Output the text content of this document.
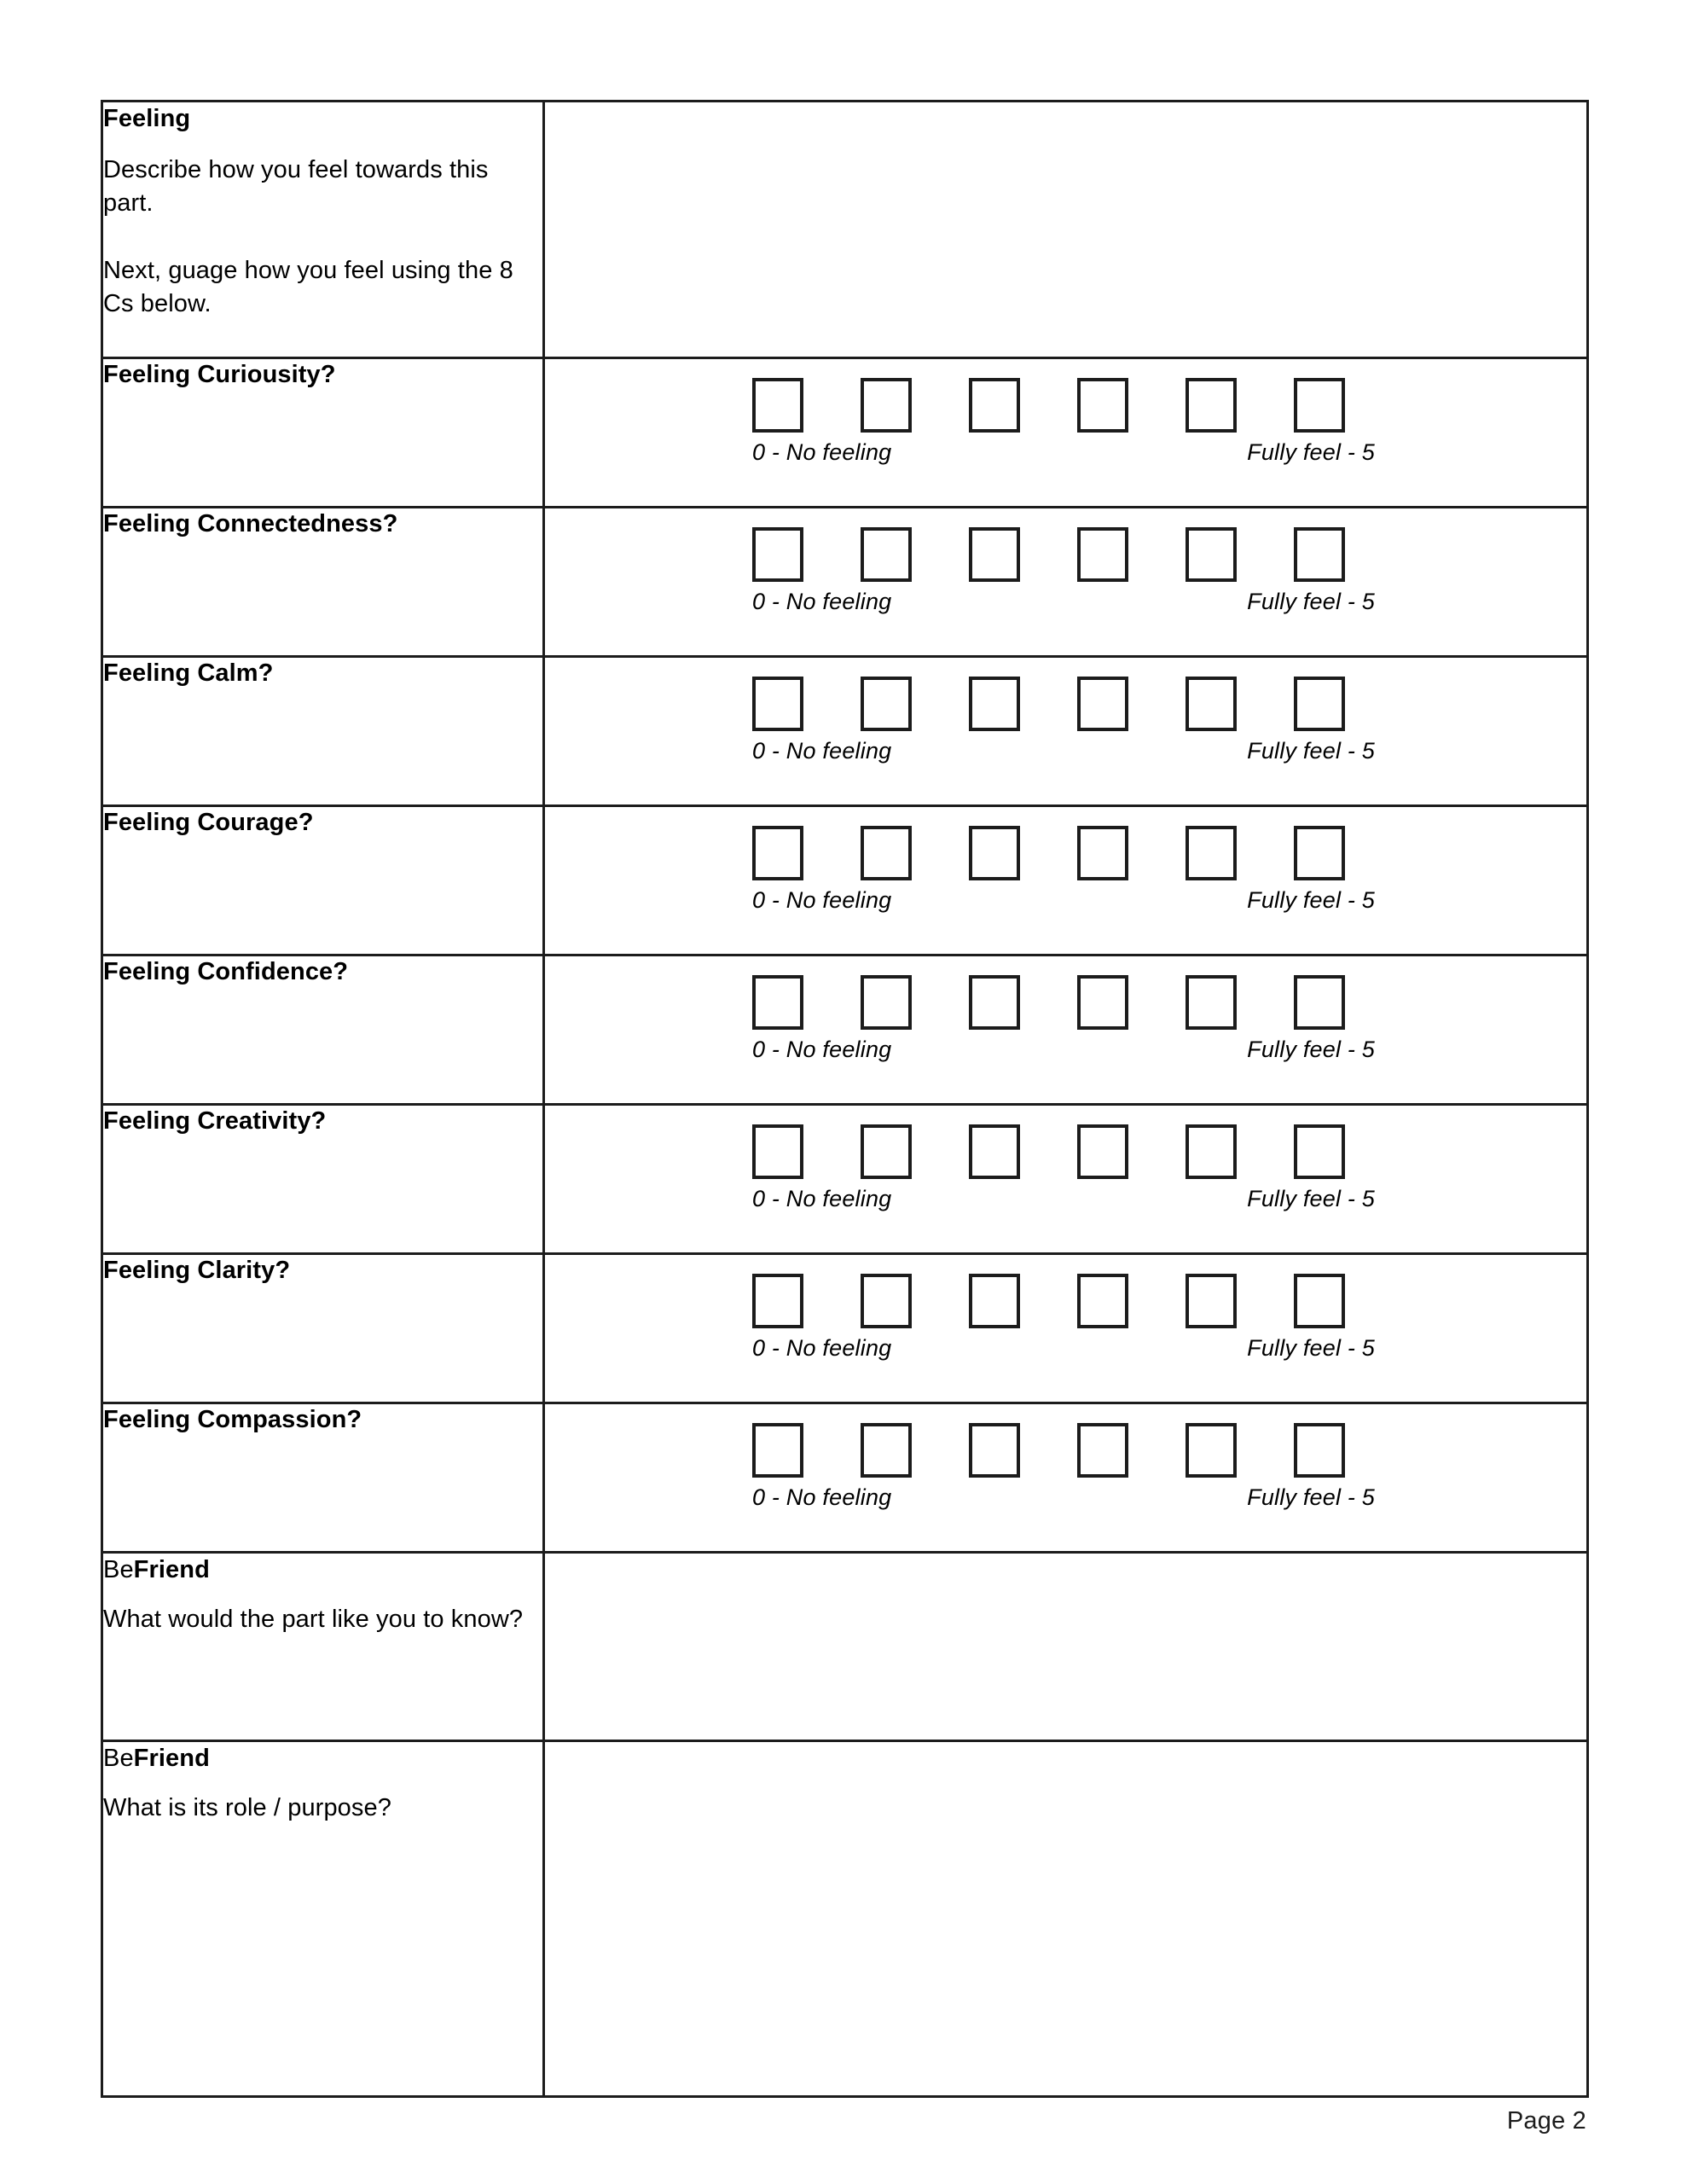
Feeling
Describe how you feel towards this part.
Next, guage how you feel using the 8 Cs below.	

Feeling Curiousity?	0 - No feeling Fully feel - 5

Feeling Connectedness?	0 - No feeling Fully feel - 5

Feeling Calm?	0 - No feeling Fully feel - 5

Feeling Courage?	0 - No feeling Fully feel - 5

Feeling Confidence?	0 - No feeling Fully feel - 5

Feeling Creativity?	0 - No feeling Fully feel - 5

Feeling Clarity?	0 - No feeling Fully feel - 5

Feeling Compassion?	0 - No feeling Fully feel - 5

BeFriend
What would the part like you to know?	

BeFriend
What is its role / purpose?	

Page 2
